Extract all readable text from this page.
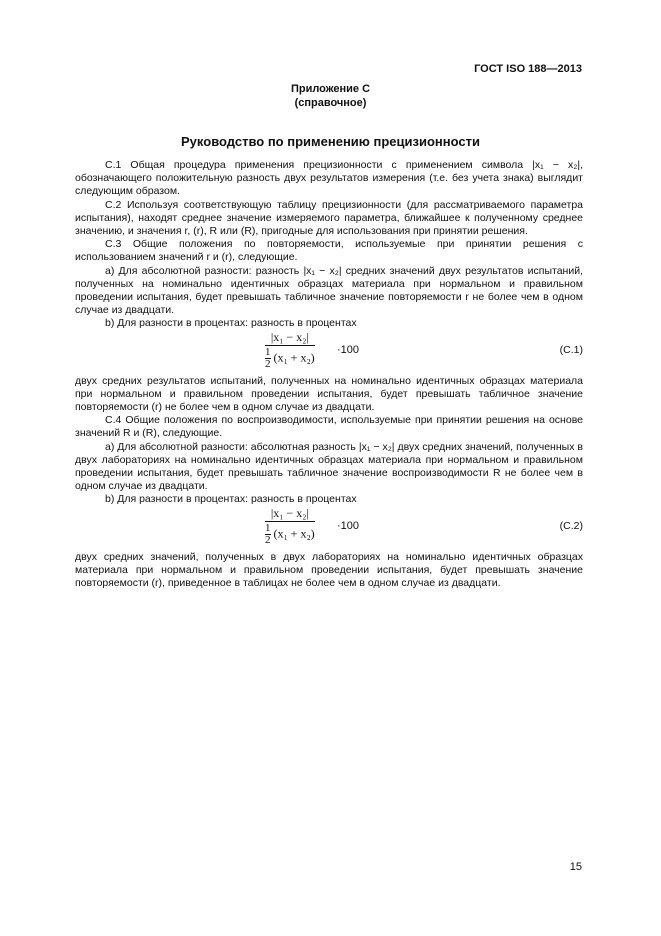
ГОСТ ISO 188—2013
Приложение С
(справочное)
Руководство по применению прецизионности

С.1 Общая процедура применения прецизионности с применением символа |x₁ − x₂|, обозначающего положительную разность двух результатов измерения (т.е. без учета знака) выглядит следующим образом.

С.2 Используя соответствующую таблицу прецизионности (для рассматриваемого параметра испытания), находят среднее значение измеряемого параметра, ближайшее к полученному среднее значению, и значения r, (r), R или (R), пригодные для использования при принятии решения.

С.3 Общие положения по повторяемости, используемые при принятии решения с использованием значений r и (r), следующие.

а) Для абсолютной разности: разность |x₁ − x₂| средних значений двух результатов испытаний, полученных на номинально идентичных образцах материала при нормальном и правильном проведении испытания, будет превышать табличное значение повторяемости r не более чем в одном случае из двадцати.

b) Для разности в процентах: разность в процентах

$\frac{\text{|x₁ − x₂|}}{\frac{1}{2} (x_1 + x_2)} \cdot 100$	(С.1)

двух средних результатов испытаний, полученных на номинально идентичных образцах материала при нормальном и правильном проведении испытания, будет превышать табличное значение повторяемости (r) не более чем в одном случае из двадцати.

С.4 Общие положения по воспроизводимости, используемые при принятии решения на основе значений R и (R), следующие.

а) Для абсолютной разности: абсолютная разность |x₁ − x₂| двух средних значений, полученных в двух лабораториях на номинально идентичных образцах материала при нормальном и правильном проведении испытания, будет превышать табличное значение воспроизводимости R не более чем в одном случае из двадцати.

b) Для разности в процентах: разность в процентах

$\frac{\text{|x₁ − x₂|}}{\frac{1}{2} (x_1 + x_2)} \cdot 100$	(С.2)

двух средних значений, полученных в двух лабораториях на номинально идентичных образцах материала при нормальном и правильном проведении испытания, будет превышать значение повторяемости (r), приведенное в таблицах не более чем в одном случае из двадцати.

15
